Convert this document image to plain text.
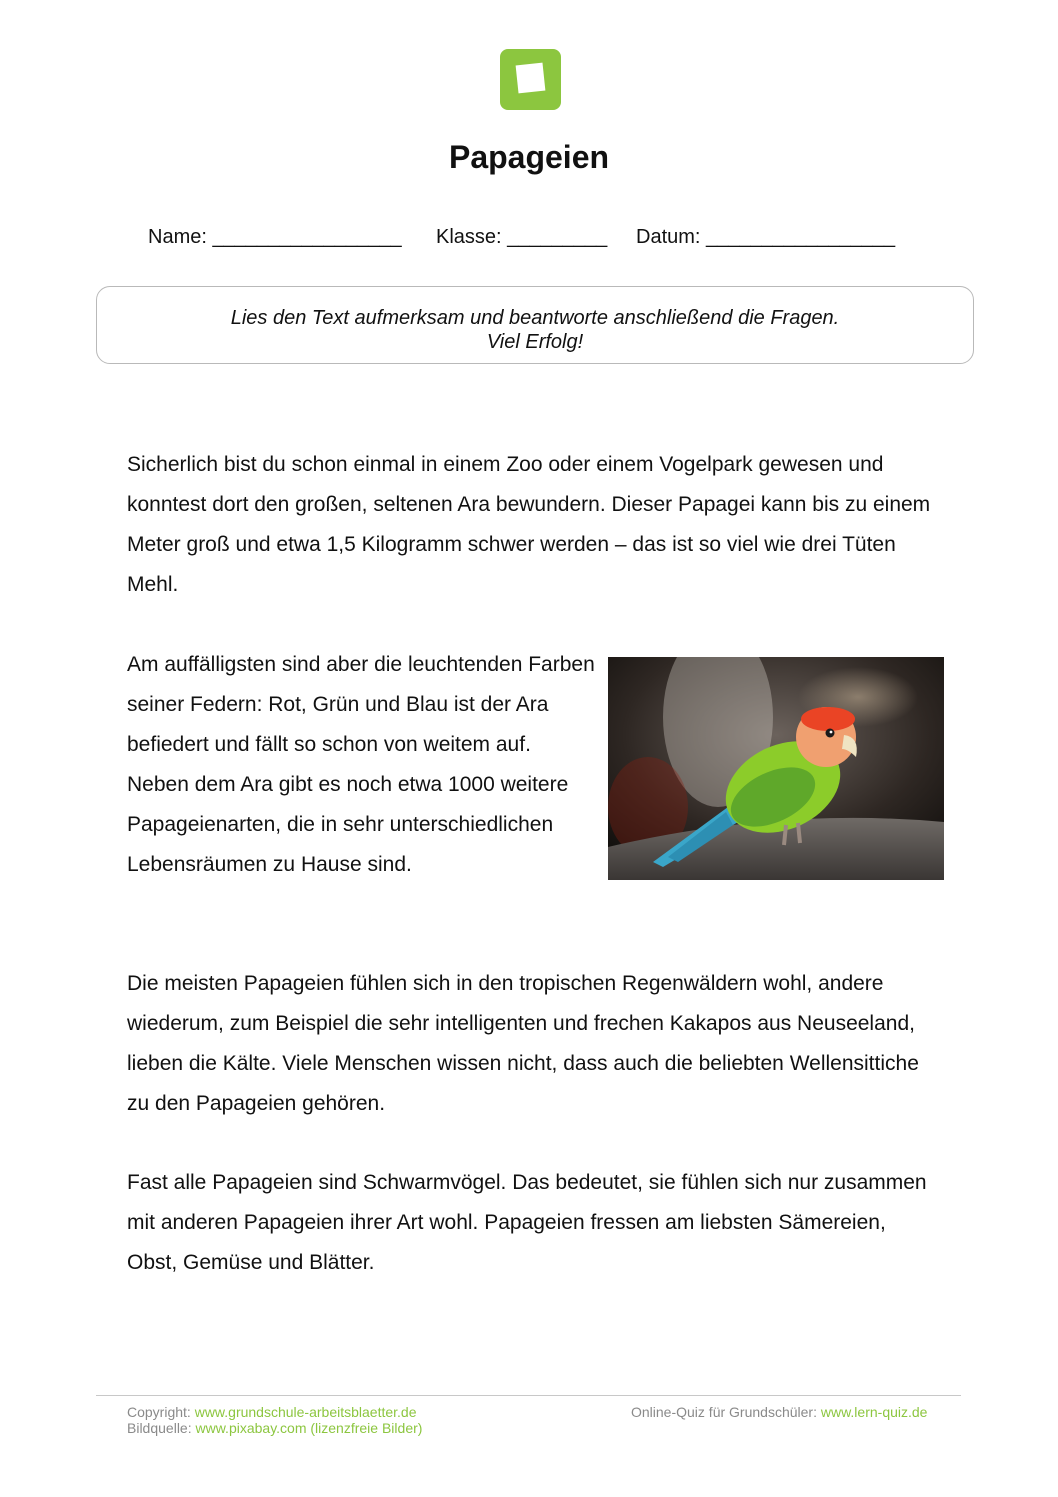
Papageien
Name: _________________ Klasse: _________ Datum: _________________
Lies den Text aufmerksam und beantworte anschließend die Fragen.
Viel Erfolg!

Sicherlich bist du schon einmal in einem Zoo oder einem Vogelpark gewesen und konntest dort den großen, seltenen Ara bewundern. Dieser Papagei kann bis zu einem Meter groß und etwa 1,5 Kilogramm schwer werden – das ist so viel wie drei Tüten Mehl.

Am auffälligsten sind aber die leuchtenden Farben seiner Federn: Rot, Grün und Blau ist der Ara befiedert und fällt so schon von weitem auf. Neben dem Ara gibt es noch etwa 1000 weitere Papageienarten, die in sehr unterschiedlichen Lebensräumen zu Hause sind.

Die meisten Papageien fühlen sich in den tropischen Regenwäldern wohl, andere wiederum, zum Beispiel die sehr intelligenten und frechen Kakapos aus Neuseeland, lieben die Kälte. Viele Menschen wissen nicht, dass auch die beliebten Wellensittiche zu den Papageien gehören.

Fast alle Papageien sind Schwarmvögel. Das bedeutet, sie fühlen sich nur zusammen mit anderen Papageien ihrer Art wohl. Papageien fressen am liebsten Sämereien, Obst, Gemüse und Blätter.

Copyright: www.grundschule-arbeitsblaetter.de
Bildquelle: www.pixabay.com (lizenzfreie Bilder)
Online-Quiz für Grundschüler: www.lern-quiz.de
